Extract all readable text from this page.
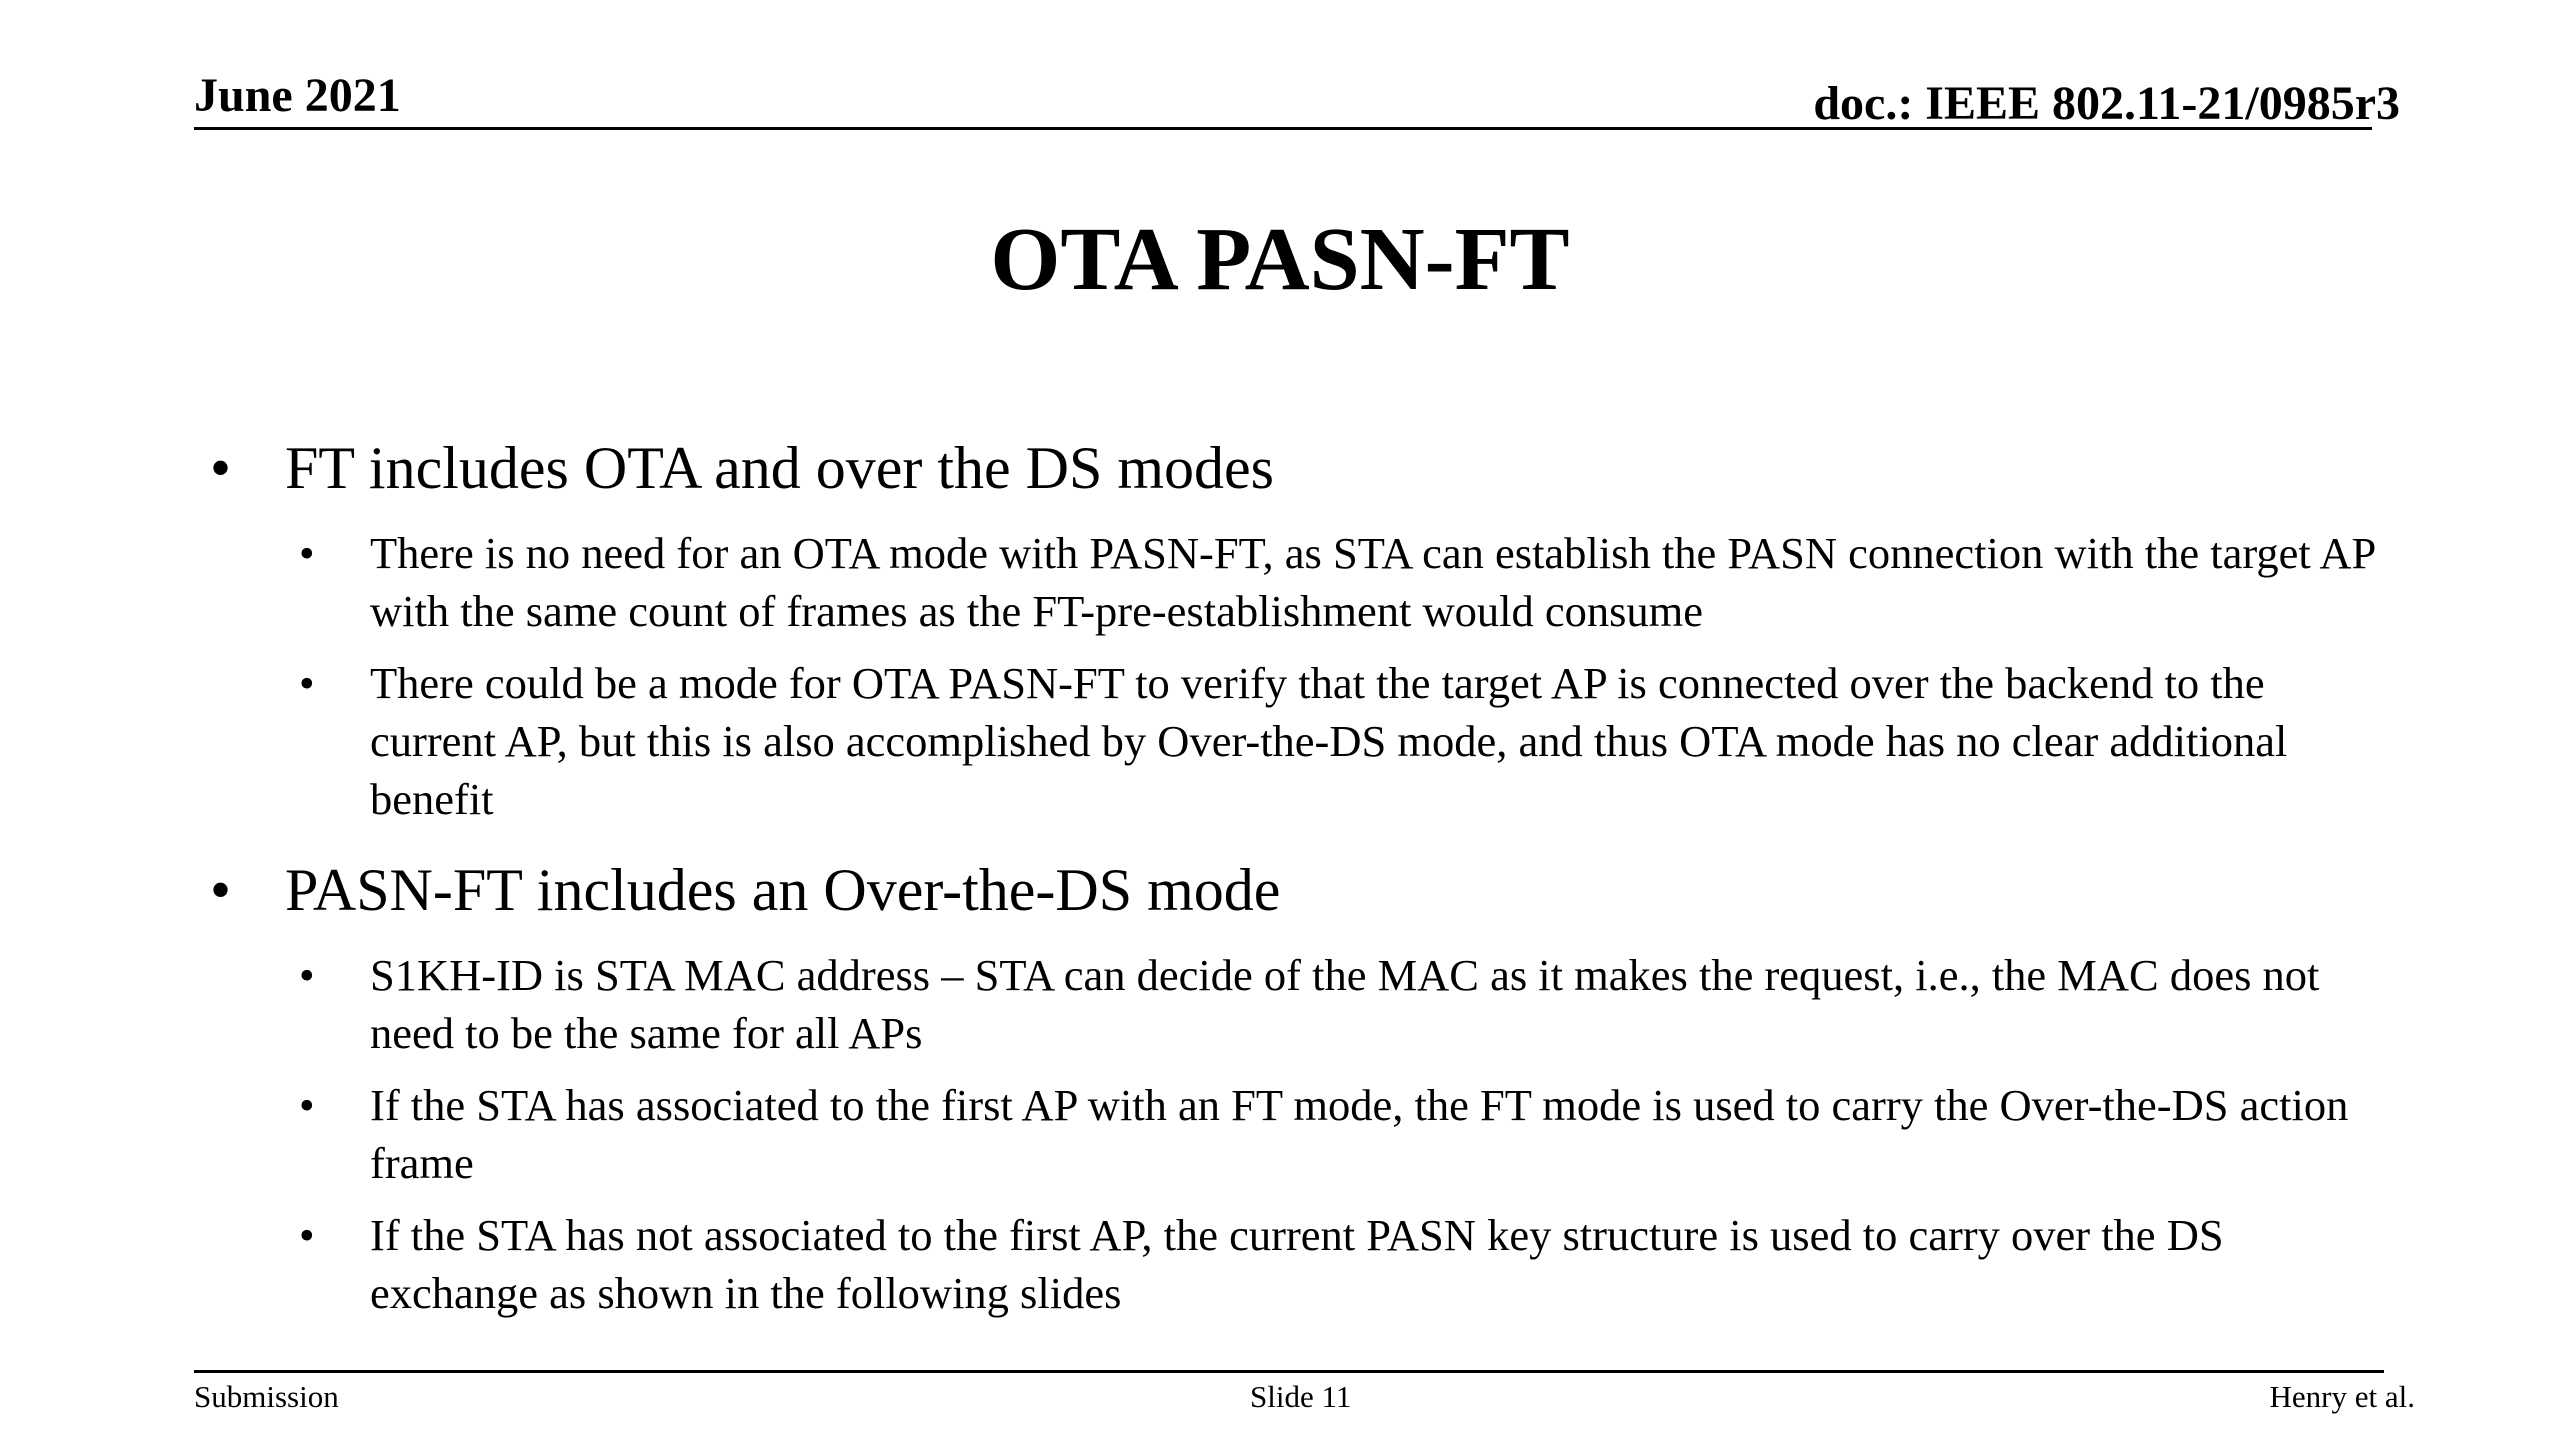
June 2021	doc.: IEEE 802.11-21/0985r3
OTA PASN-FT
• FT includes OTA and over the DS modes
• There is no need for an OTA mode with PASN-FT, as STA can establish the PASN connection with the target AP with the same count of frames as the FT-pre-establishment would consume
• There could be a mode for OTA PASN-FT to verify that the target AP is connected over the backend to the current AP, but this is also accomplished by Over-the-DS mode, and thus OTA mode has no clear additional benefit
• PASN-FT includes an Over-the-DS mode
• S1KH-ID is STA MAC address – STA can decide of the MAC as it makes the request, i.e., the MAC does not need to be the same for all APs
• If the STA has associated to the first AP with an FT mode, the FT mode is used to carry the Over-the-DS action frame
• If the STA has not associated to the first AP, the current PASN key structure is used to carry over the DS exchange as shown in the following slides
Submission	Slide 11	Henry et al.
